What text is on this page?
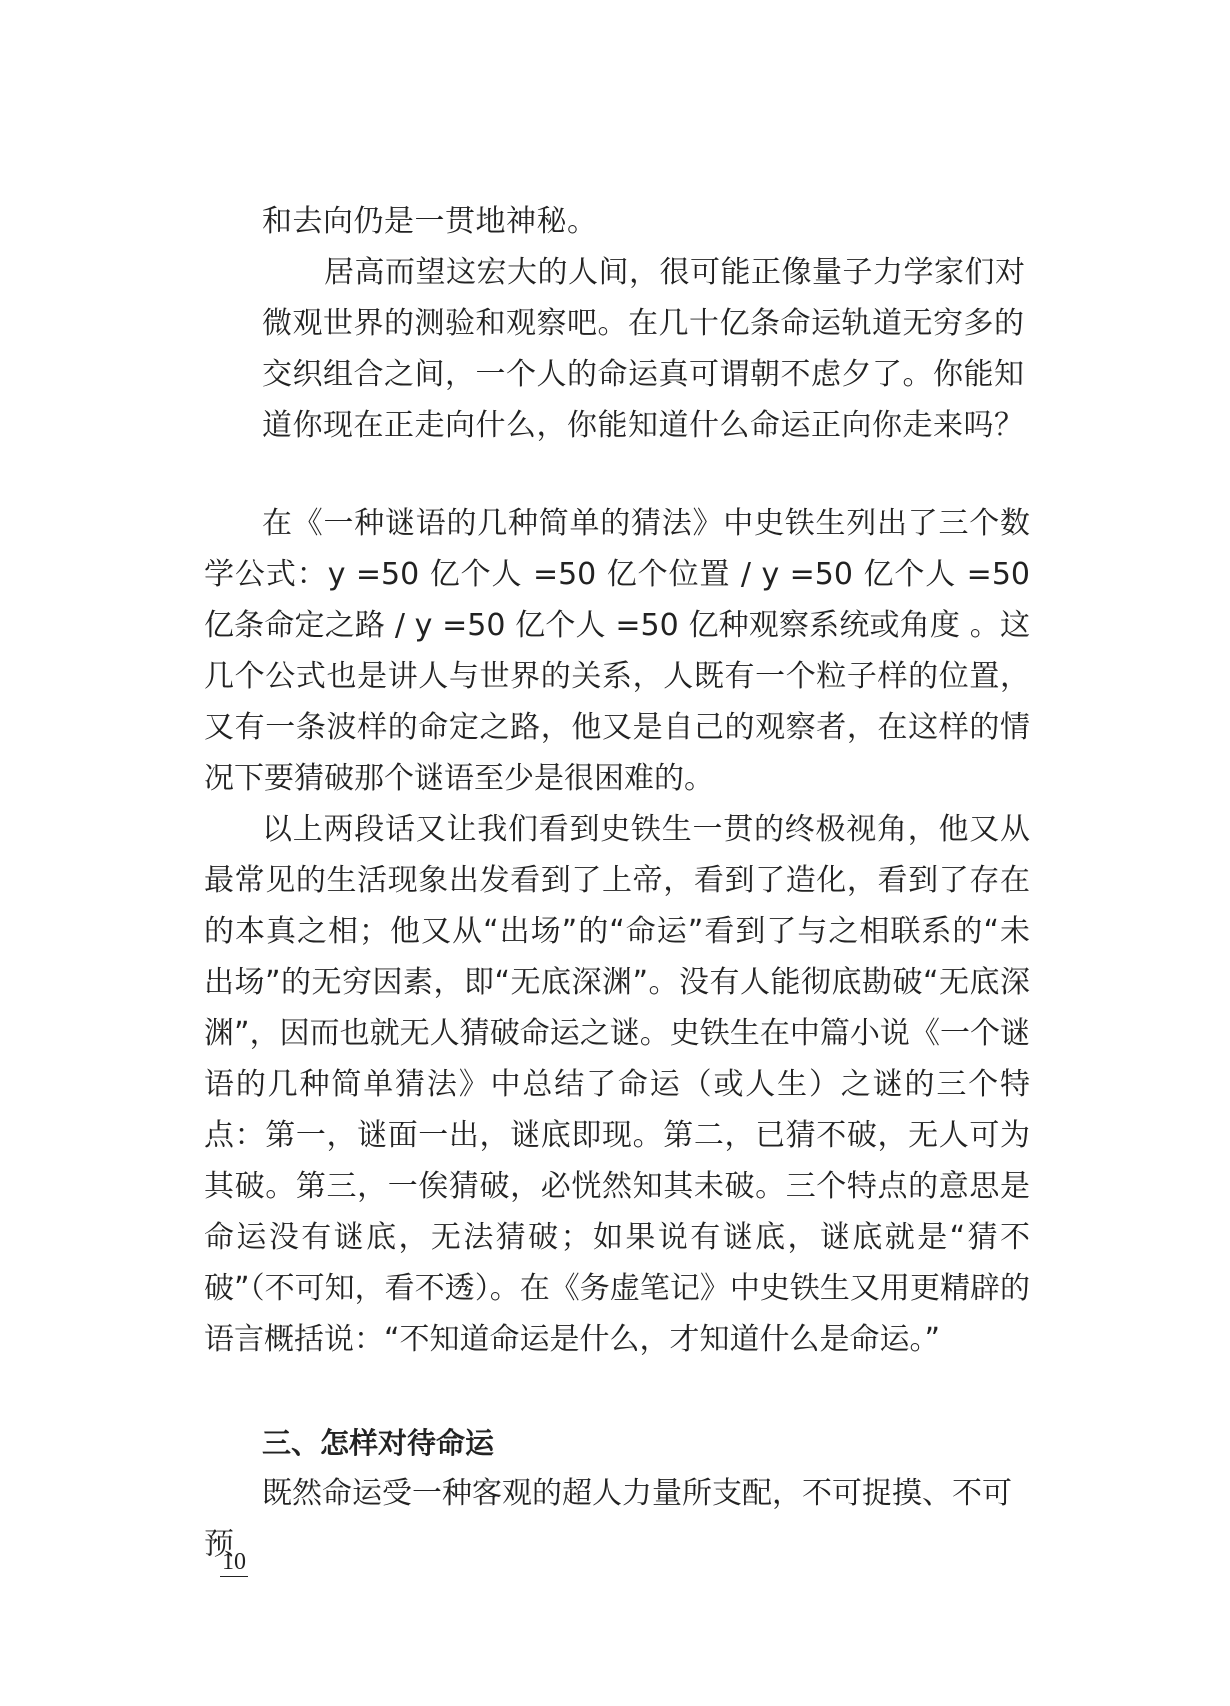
和去向仍是一贯地神秘。

居高而望这宏大的人间，很可能正像量子力学家们对微观世界的测验和观察吧。在几十亿条命运轨道无穷多的交织组合之间，一个人的命运真可谓朝不虑夕了。你能知道你现在正走向什么，你能知道什么命运正向你走来吗？

在《一种谜语的几种简单的猜法》中史铁生列出了三个数学公式：y =50 亿个人 =50 亿个位置 / y =50 亿个人 =50 亿条命定之路 / y =50 亿个人 =50 亿种观察系统或角度 。这几个公式也是讲人与世界的关系，人既有一个粒子样的位置，又有一条波样的命定之路，他又是自己的观察者，在这样的情况下要猜破那个谜语至少是很困难的。

以上两段话又让我们看到史铁生一贯的终极视角，他又从最常见的生活现象出发看到了上帝，看到了造化，看到了存在的本真之相；他又从“出场”的“命运”看到了与之相联系的“未出场”的无穷因素，即“无底深渊”。没有人能彻底勘破“无底深渊”，因而也就无人猜破命运之谜。史铁生在中篇小说《一个谜语的几种简单猜法》中总结了命运（或人生）之谜的三个特点：第一，谜面一出，谜底即现。第二，已猜不破，无人可为其破。第三，一俟猜破，必恍然知其未破。三个特点的意思是命运没有谜底，无法猜破；如果说有谜底，谜底就是“猜不破”（不可知，看不透）。在《务虚笔记》中史铁生又用更精辟的语言概括说：“不知道命运是什么，才知道什么是命运。”

三、怎样对待命运

既然命运受一种客观的超人力量所支配，不可捉摸、不可预

10
